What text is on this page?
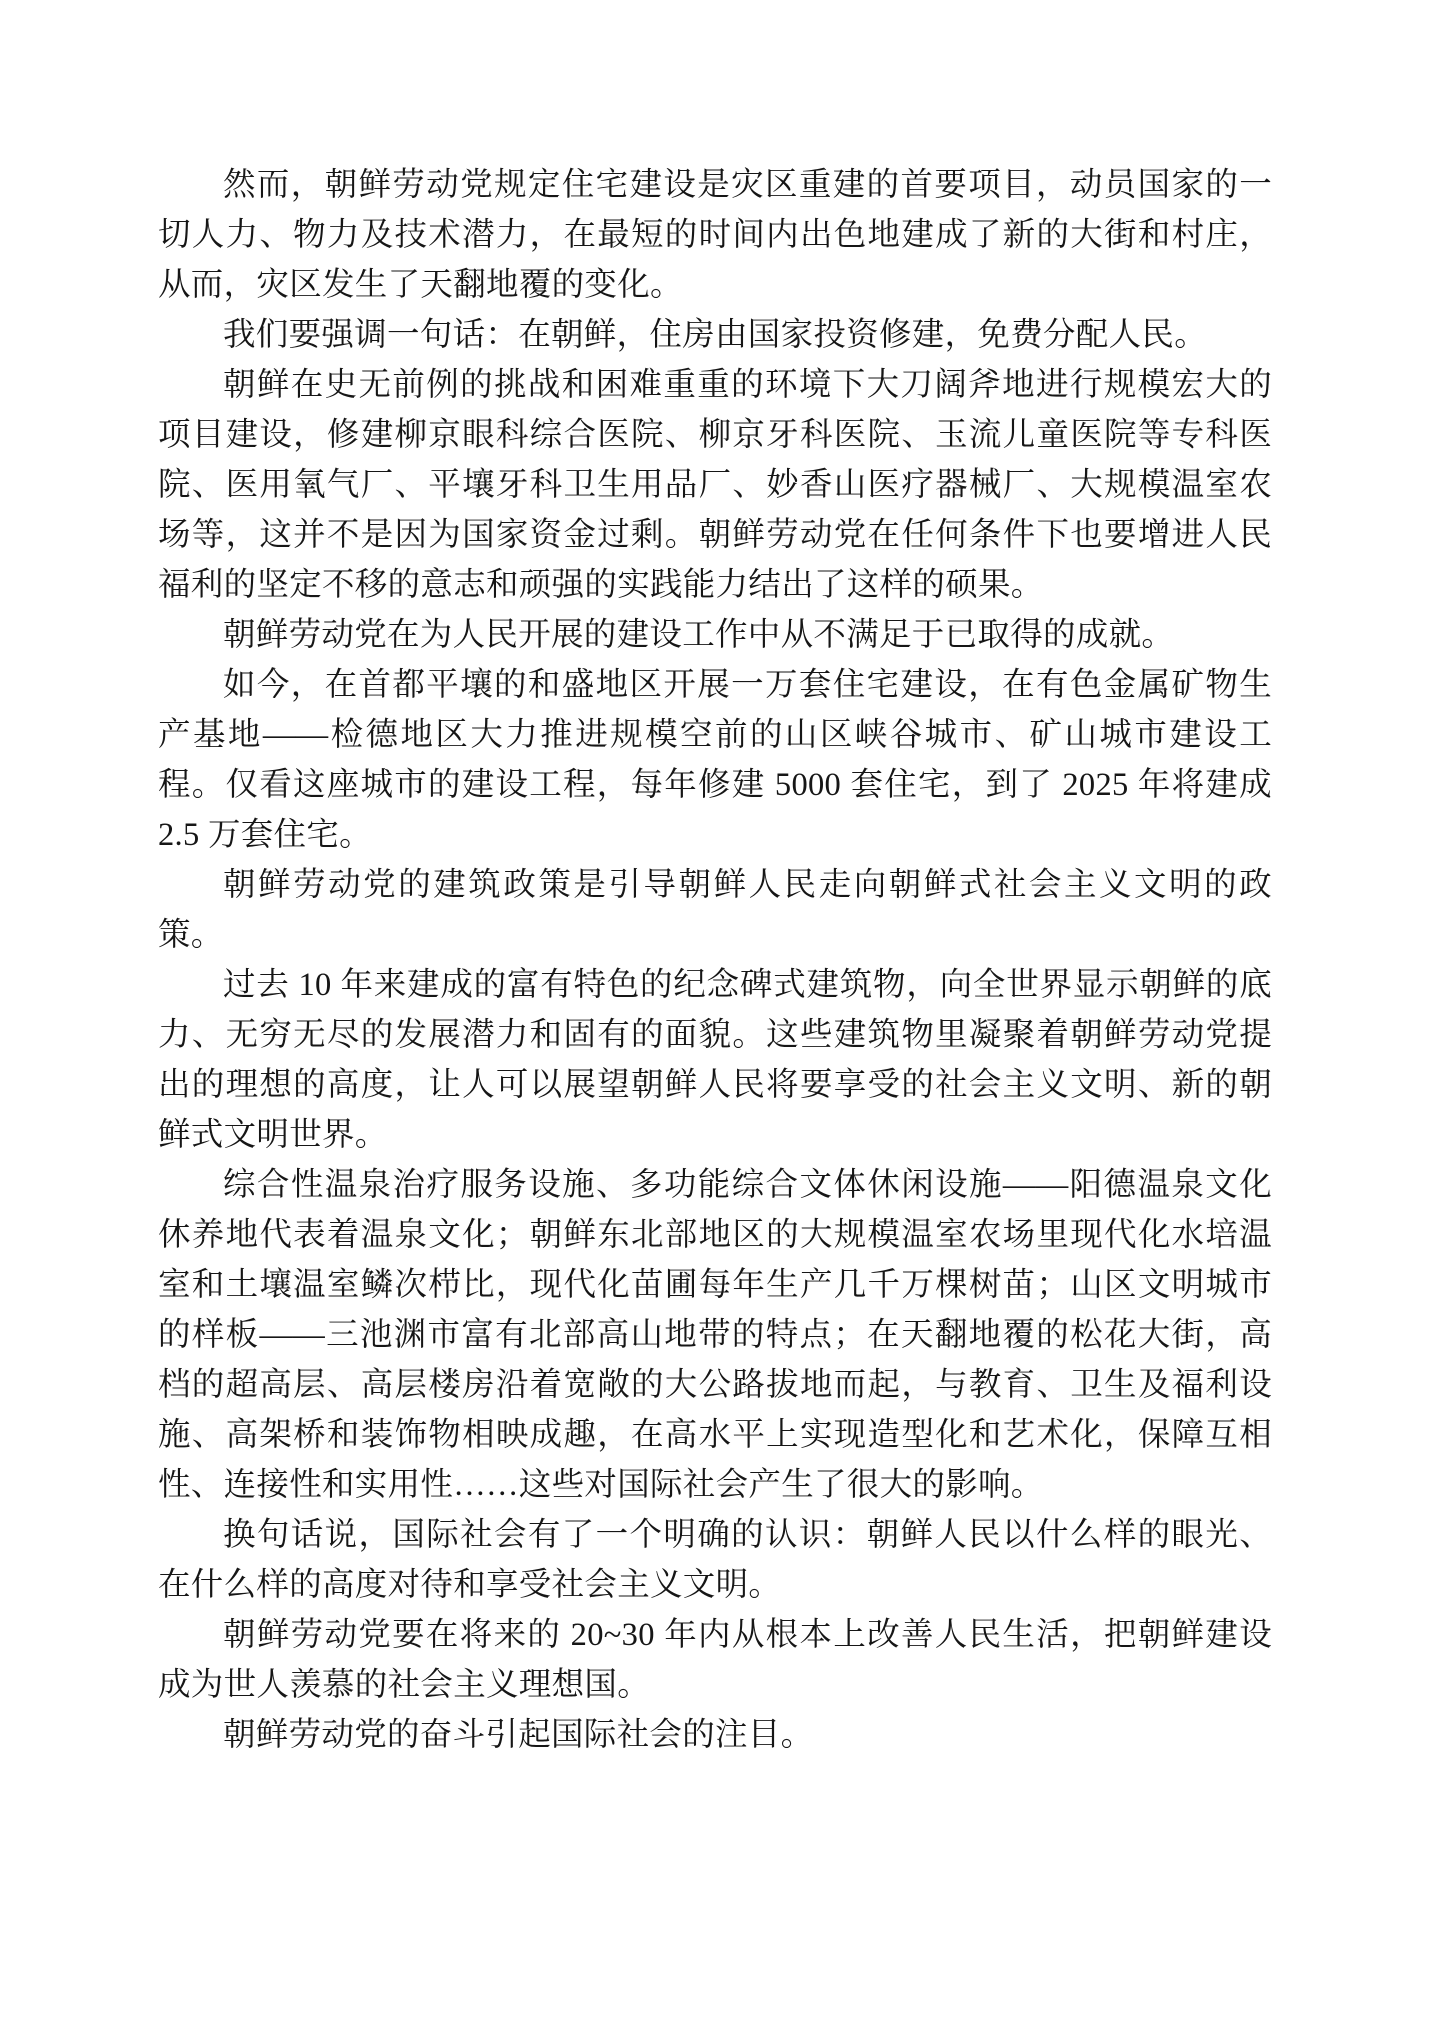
然而，朝鲜劳动党规定住宅建设是灾区重建的首要项目，动员国家的一切人力、物力及技术潜力，在最短的时间内出色地建成了新的大街和村庄，从而，灾区发生了天翻地覆的变化。

我们要强调一句话：在朝鲜，住房由国家投资修建，免费分配人民。

朝鲜在史无前例的挑战和困难重重的环境下大刀阔斧地进行规模宏大的项目建设，修建柳京眼科综合医院、柳京牙科医院、玉流儿童医院等专科医院、医用氧气厂、平壤牙科卫生用品厂、妙香山医疗器械厂、大规模温室农场等，这并不是因为国家资金过剩。朝鲜劳动党在任何条件下也要增进人民福利的坚定不移的意志和顽强的实践能力结出了这样的硕果。

朝鲜劳动党在为人民开展的建设工作中从不满足于已取得的成就。

如今，在首都平壤的和盛地区开展一万套住宅建设，在有色金属矿物生产基地——检德地区大力推进规模空前的山区峡谷城市、矿山城市建设工程。仅看这座城市的建设工程，每年修建 5000 套住宅，到了 2025 年将建成 2.5 万套住宅。

朝鲜劳动党的建筑政策是引导朝鲜人民走向朝鲜式社会主义文明的政策。

过去 10 年来建成的富有特色的纪念碑式建筑物，向全世界显示朝鲜的底力、无穷无尽的发展潜力和固有的面貌。这些建筑物里凝聚着朝鲜劳动党提出的理想的高度，让人可以展望朝鲜人民将要享受的社会主义文明、新的朝鲜式文明世界。

综合性温泉治疗服务设施、多功能综合文体休闲设施——阳德温泉文化休养地代表着温泉文化；朝鲜东北部地区的大规模温室农场里现代化水培温室和土壤温室鳞次栉比，现代化苗圃每年生产几千万棵树苗；山区文明城市的样板——三池渊市富有北部高山地带的特点；在天翻地覆的松花大街，高档的超高层、高层楼房沿着宽敞的大公路拔地而起，与教育、卫生及福利设施、高架桥和装饰物相映成趣，在高水平上实现造型化和艺术化，保障互相性、连接性和实用性……这些对国际社会产生了很大的影响。

换句话说，国际社会有了一个明确的认识：朝鲜人民以什么样的眼光、在什么样的高度对待和享受社会主义文明。

朝鲜劳动党要在将来的 20~30 年内从根本上改善人民生活，把朝鲜建设成为世人羡慕的社会主义理想国。

朝鲜劳动党的奋斗引起国际社会的注目。
